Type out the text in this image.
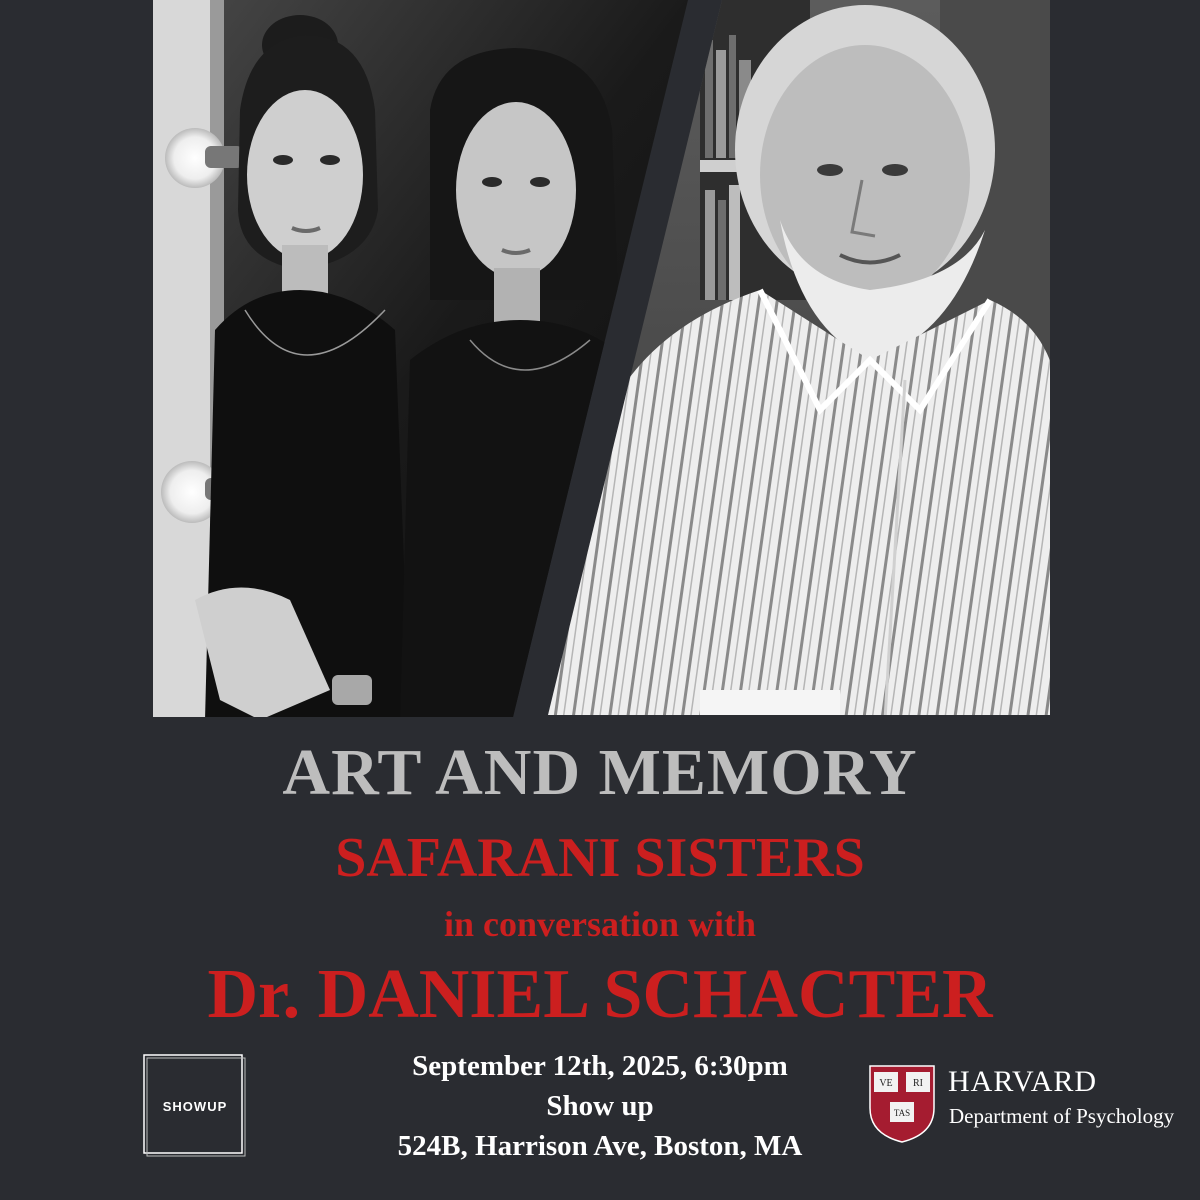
ART AND MEMORY
SAFARANI SISTERS
in conversation with
Dr. DANIEL SCHACTER
September 12th, 2025, 6:30pm
Show up
524B, Harrison Ave, Boston, MA
SHOWUP
VE RI
TAS
HARVARD
Department of Psychology
